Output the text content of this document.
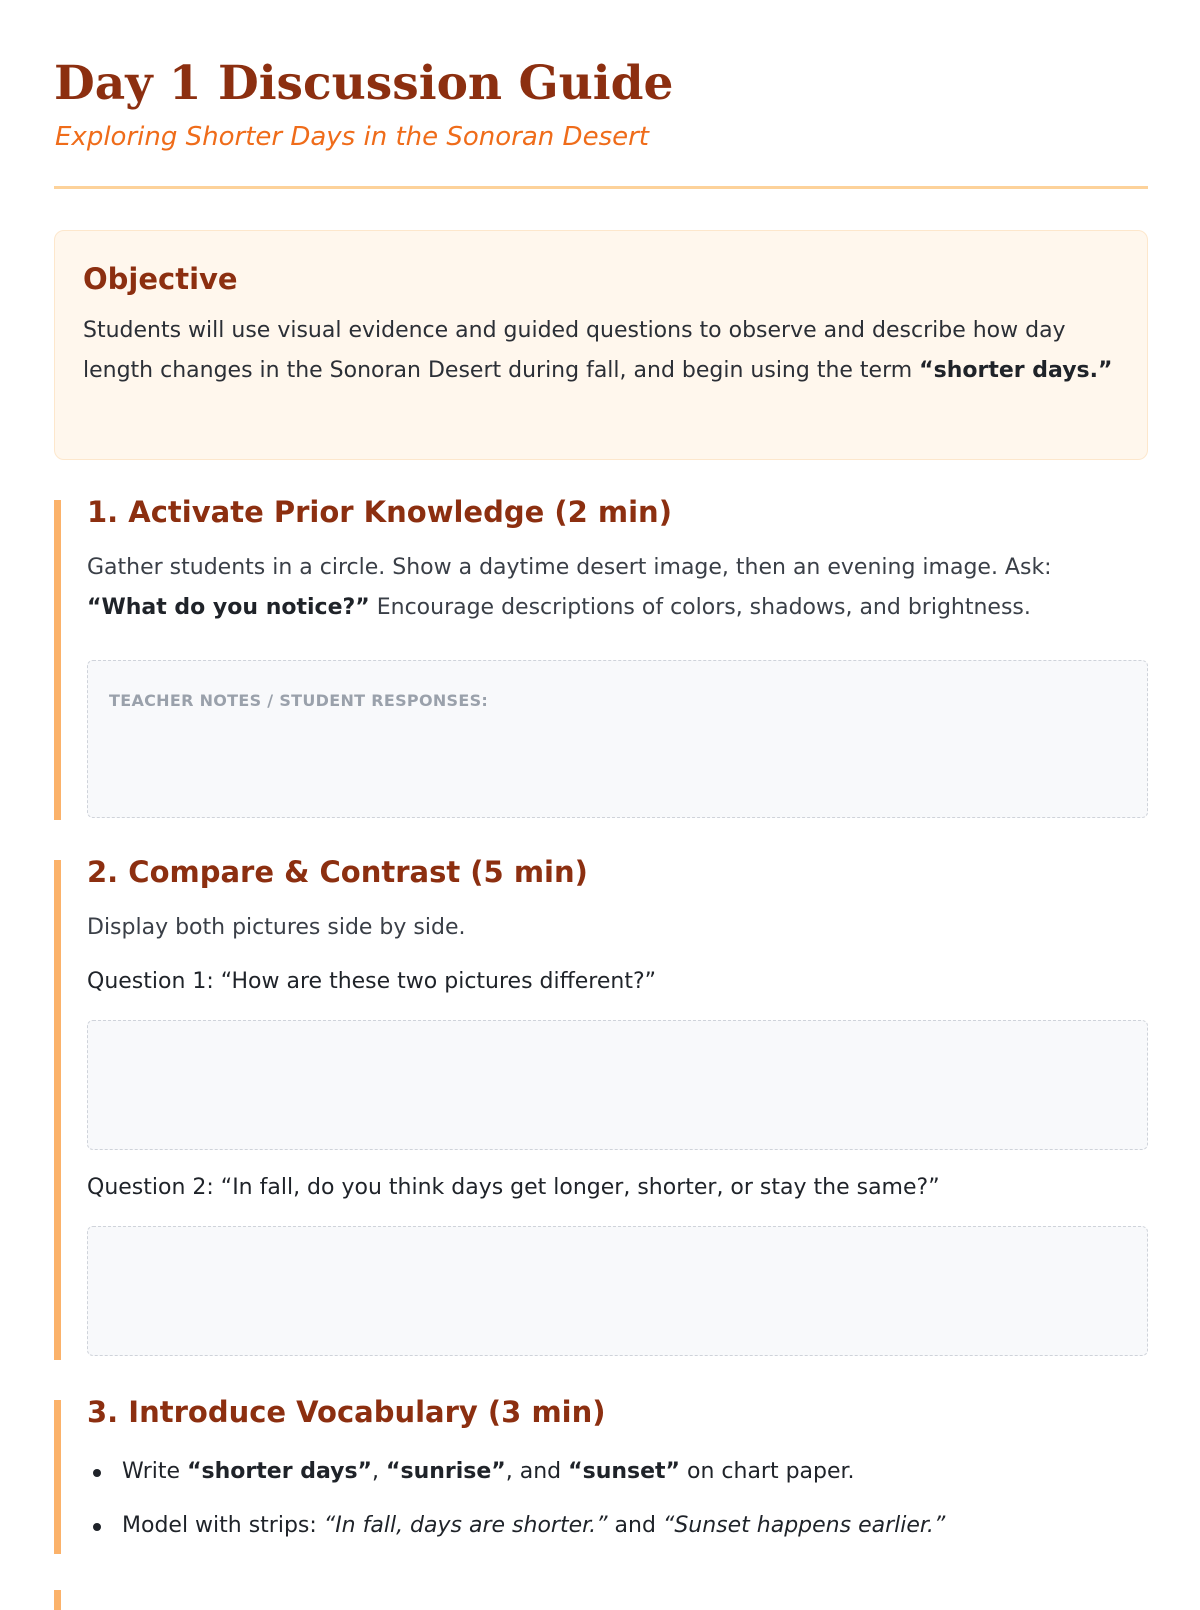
Day 1 Discussion Guide
Exploring Shorter Days in the Sonoran Desert
Objective

Students will use visual evidence and guided questions to observe and describe how day length changes in the Sonoran Desert during fall, and begin using the term “shorter days.”

1. Activate Prior Knowledge (2 min)

Gather students in a circle. Show a daytime desert image, then an evening image. Ask: “What do you notice?” Encourage descriptions of colors, shadows, and brightness.

TEACHER NOTES / STUDENT RESPONSES:
2. Compare & Contrast (5 min)

Display both pictures side by side.

Question 1: “How are these two pictures different?”

Question 2: “In fall, do you think days get longer, shorter, or stay the same?”

3. Introduce Vocabulary (3 min)
Write “shorter days”, “sunrise”, and “sunset” on chart paper.
Model with strips: “In fall, days are shorter.” and “Sunset happens earlier.”
